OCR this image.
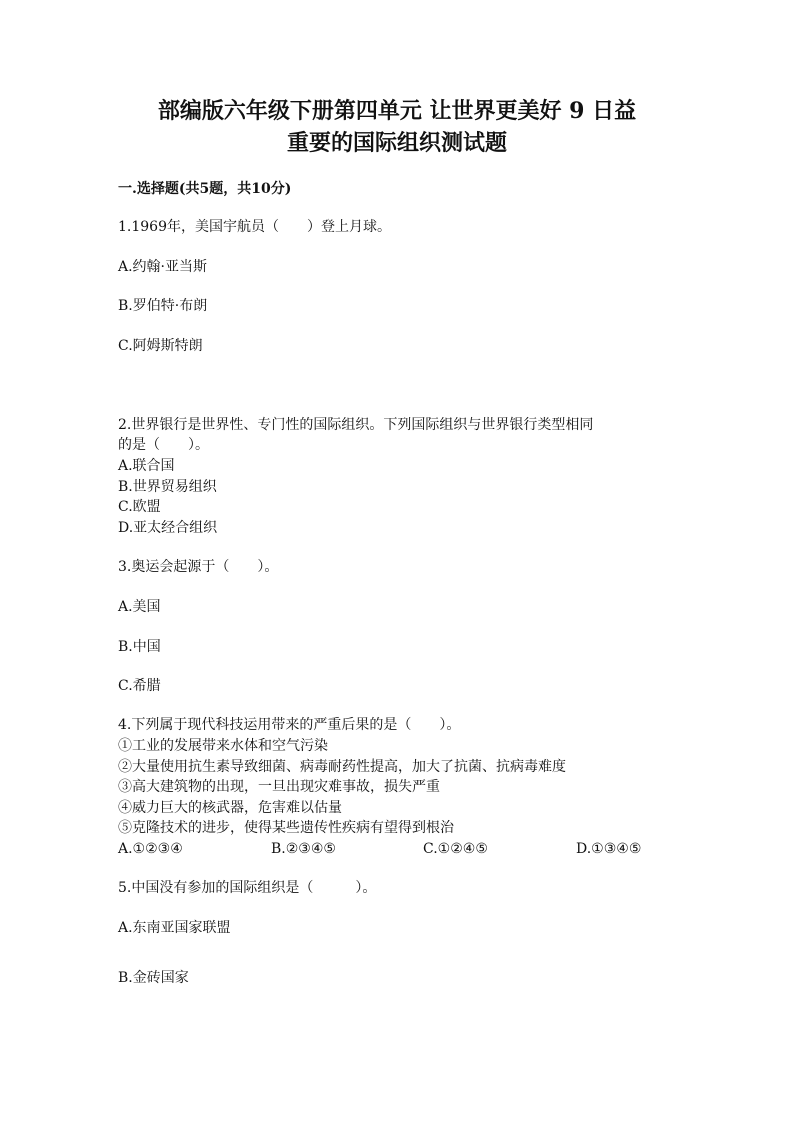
部编版六年级下册第四单元 让世界更美好 9 日益
重要的国际组织测试题
一.选择题(共5题，共10分)
1.1969年，美国宇航员（　　）登上月球。
A.约翰·亚当斯
B.罗伯特·布朗
C.阿姆斯特朗
2.世界银行是世界性、专门性的国际组织。下列国际组织与世界银行类型相同
的是（　　）。
A.联合国
B.世界贸易组织
C.欧盟
D.亚太经合组织
3.奥运会起源于（　　）。
A.美国
B.中国
C.希腊
4.下列属于现代科技运用带来的严重后果的是（　　）。
①工业的发展带来水体和空气污染
②大量使用抗生素导致细菌、病毒耐药性提高，加大了抗菌、抗病毒难度
③高大建筑物的出现，一旦出现灾难事故，损失严重
④威力巨大的核武器，危害难以估量
⑤克隆技术的进步，使得某些遗传性疾病有望得到根治
A.①②③④	B.②③④⑤	C.①②④⑤	D.①③④⑤
5.中国没有参加的国际组织是（　　　）。
A.东南亚国家联盟
B.金砖国家
